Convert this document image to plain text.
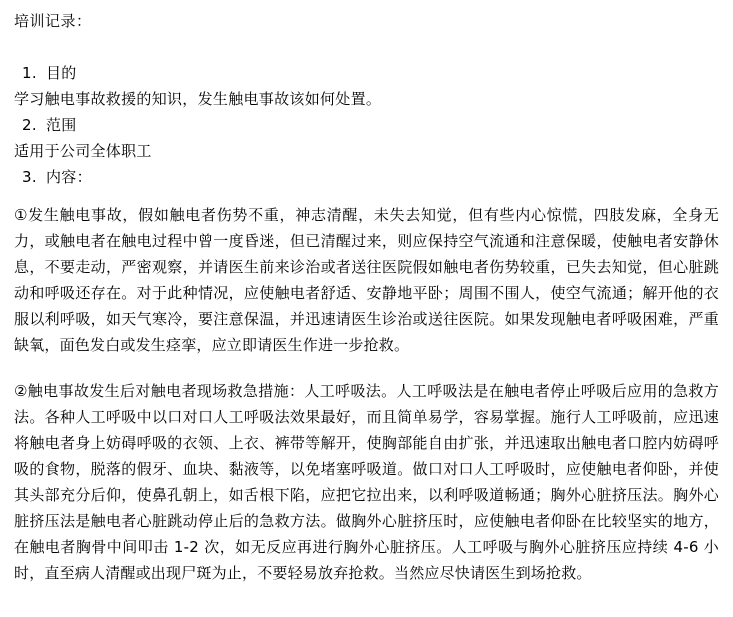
培训记录：

1. 目的

学习触电事故救援的知识，发生触电事故该如何处置。

2. 范围

适用于公司全体职工

3. 内容：

①发生触电事故，假如触电者伤势不重，神志清醒，未失去知觉，但有些内心惊慌，四肢发麻，全身无力，或触电者在触电过程中曾一度昏迷，但已清醒过来，则应保持空气流通和注意保暖，使触电者安静休息，不要走动，严密观察，并请医生前来诊治或者送往医院假如触电者伤势较重，已失去知觉，但心脏跳动和呼吸还存在。对于此种情况，应使触电者舒适、安静地平卧；周围不围人，使空气流通；解开他的衣服以利呼吸，如天气寒冷，要注意保温，并迅速请医生诊治或送往医院。如果发现触电者呼吸困难，严重缺氧，面色发白或发生痉挛，应立即请医生作进一步抢救。

②触电事故发生后对触电者现场救急措施：人工呼吸法。人工呼吸法是在触电者停止呼吸后应用的急救方法。各种人工呼吸中以口对口人工呼吸法效果最好，而且简单易学，容易掌握。施行人工呼吸前，应迅速将触电者身上妨碍呼吸的衣领、上衣、裤带等解开，使胸部能自由扩张，并迅速取出触电者口腔内妨碍呼吸的食物，脱落的假牙、血块、黏液等，以免堵塞呼吸道。做口对口人工呼吸时，应使触电者仰卧，并使其头部充分后仰，使鼻孔朝上，如舌根下陷，应把它拉出来，以利呼吸道畅通；胸外心脏挤压法。胸外心脏挤压法是触电者心脏跳动停止后的急救方法。做胸外心脏挤压时，应使触电者仰卧在比较坚实的地方，在触电者胸骨中间叩击 1-2 次，如无反应再进行胸外心脏挤压。人工呼吸与胸外心脏挤压应持续 4-6 小时，直至病人清醒或出现尸斑为止，不要轻易放弃抢救。当然应尽快请医生到场抢救。
